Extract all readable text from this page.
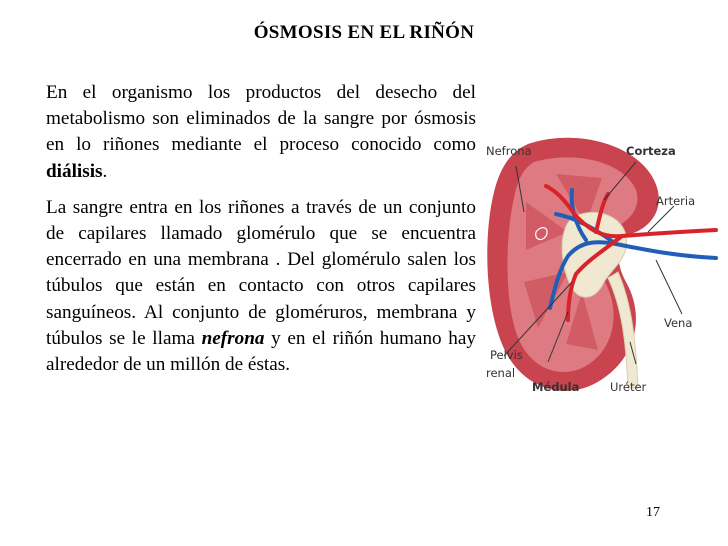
ÓSMOSIS EN EL RIÑÓN

En el organismo los productos del desecho del metabolismo son eliminados de la sangre por ósmosis en lo riñones mediante el proceso conocido como diálisis.

La sangre entra en los riñones a través de un conjunto de capilares llamado glomérulo que se encuentra encerrado en una membrana . Del glomérulo salen los túbulos que están en contacto con otros capilares sanguíneos. Al conjunto de gloméruros, membrana y túbulos se le llama nefrona y en el riñón humano hay alrededor de un millón de éstas.

Nefrona	Corteza
Arteria
Vena
Pelvis
renal
Médula	Uréter
17
